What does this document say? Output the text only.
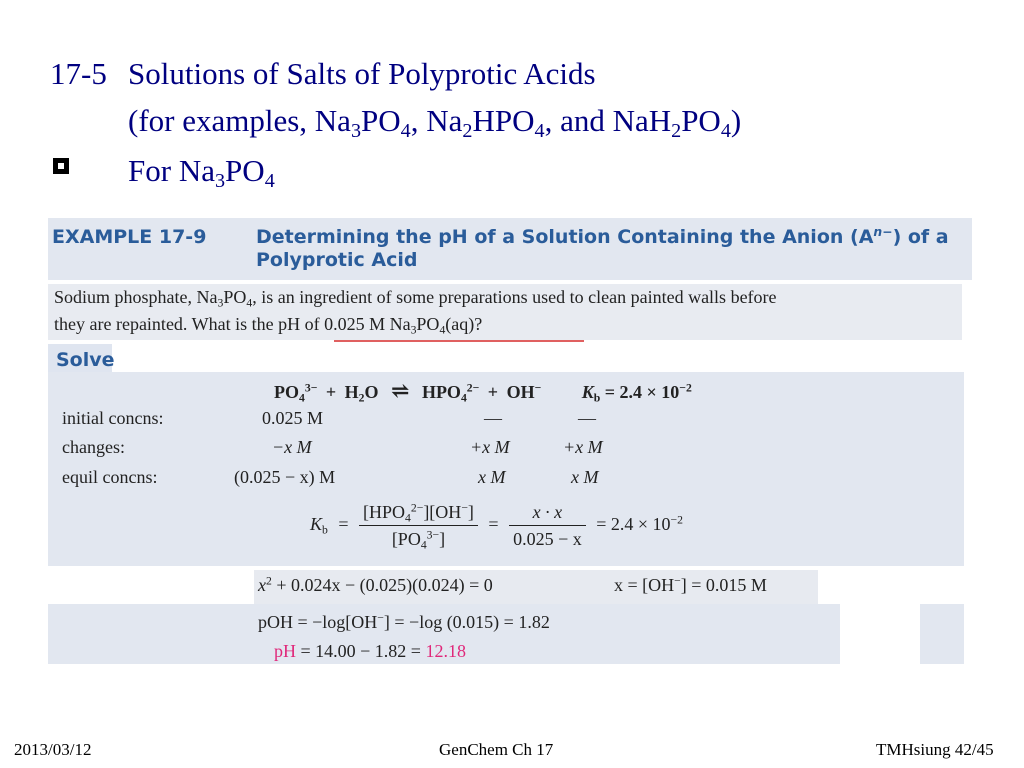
17-5 Solutions of Salts of Polyprotic Acids
(for examples, $Na_3PO_4$, $Na_2HPO_4$, and $NaH_2PO_4$)
For $Na_3PO_4$
EXAMPLE 17-9	Determining the pH of a Solution Containing the Anion $(A^{n-})$ of a Polyprotic Acid
Sodium phosphate, $Na_3PO_4$, is an ingredient of some preparations used to clean painted walls before
they are repainted. What is the pH of 0.025 M $Na_3PO_4(aq)$?
Solve
$PO_4^{3-} + H_2O$ ⇌ $HPO_4^{2-} + OH^-$ $K_b = 2.4 \times 10^{-2}$
initial concns:	0.025 M	—	—
changes:	−x M	+x M	+x M
equil concns:	(0.025 − x) M	x M	x M
$K_b = \frac{[HPO_4^{2-}][OH^-]}{[PO_4^{3-}]} = \frac{x \cdot x}{0.025 - x} = 2.4 \times 10^{-2}$
$x^2 + 0.024x - (0.025)(0.024) = 0$	x = [OH−] = 0.015 M
pOH = −log[OH−] = −log (0.015) = 1.82
pH = 14.00 − 1.82 = 12.18
2013/03/12	GenChem Ch 17	TMHsiung 42/45
